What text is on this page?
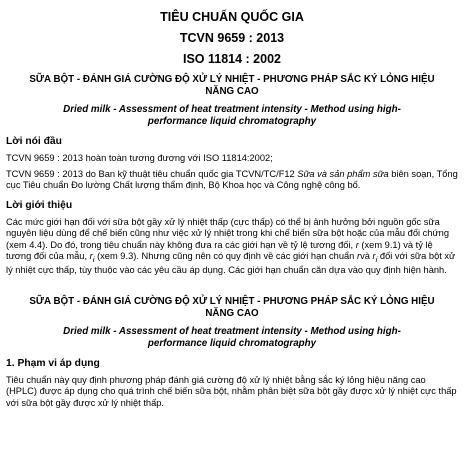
TIÊU CHUẨN QUỐC GIA
TCVN 9659 : 2013
ISO 11814 : 2002
SỮA BỘT - ĐÁNH GIÁ CƯỜNG ĐỘ XỬ LÝ NHIỆT - PHƯƠNG PHÁP SẮC KÝ LỎNG HIỆU NĂNG CAO
Dried milk - Assessment of heat treatment intensity - Method using high-performance liquid chromatography
Lời nói đầu
TCVN 9659 : 2013 hoàn toàn tương đương với ISO 11814:2002;
TCVN 9659 : 2013 do Ban kỹ thuật tiêu chuẩn quốc gia TCVN/TC/F12 Sữa và sản phẩm sữa biên soạn, Tổng cục Tiêu chuẩn Đo lường Chất lượng thẩm định, Bộ Khoa học và Công nghệ công bố.
Lời giới thiệu
Các mức giới hạn đối với sữa bột gầy xử lý nhiệt thấp (cực thấp) có thể bị ảnh hưởng bởi nguồn gốc sữa nguyên liệu dùng để chế biến cũng như việc xử lý nhiệt trong khi chế biến sữa bột hoặc của mẫu đối chứng (xem 4.4). Do đó, trong tiêu chuẩn này không đưa ra các giới hạn về tỷ lệ tương đối, r (xem 9.1) và tỷ lệ tương đối của mẫu, $r_i$ (xem 9.3). Nhưng cũng nên có quy định về các giới hạn chuẩn rvà $r_i$ đối với sữa bột xử lý nhiệt cực thấp, tùy thuộc vào các yêu cầu áp dụng. Các giới hạn chuẩn căn dựa vào quy định hiện hành.
SỮA BỘT - ĐÁNH GIÁ CƯỜNG ĐỘ XỬ LÝ NHIỆT - PHƯƠNG PHÁP SẮC KÝ LỎNG HIỆU NĂNG CAO
Dried milk - Assessment of heat treatment intensity - Method using high-performance liquid chromatography
1. Phạm vi áp dụng
Tiêu chuẩn này quy định phương pháp đánh giá cường độ xử lý nhiệt bằng sắc ký lỏng hiệu năng cao (HPLC) được áp dụng cho quá trình chế biến sữa bột, nhằm phân biệt sữa bột gầy được xử lý nhiệt cực thấp với sữa bột gầy được xử lý nhiệt thấp.
